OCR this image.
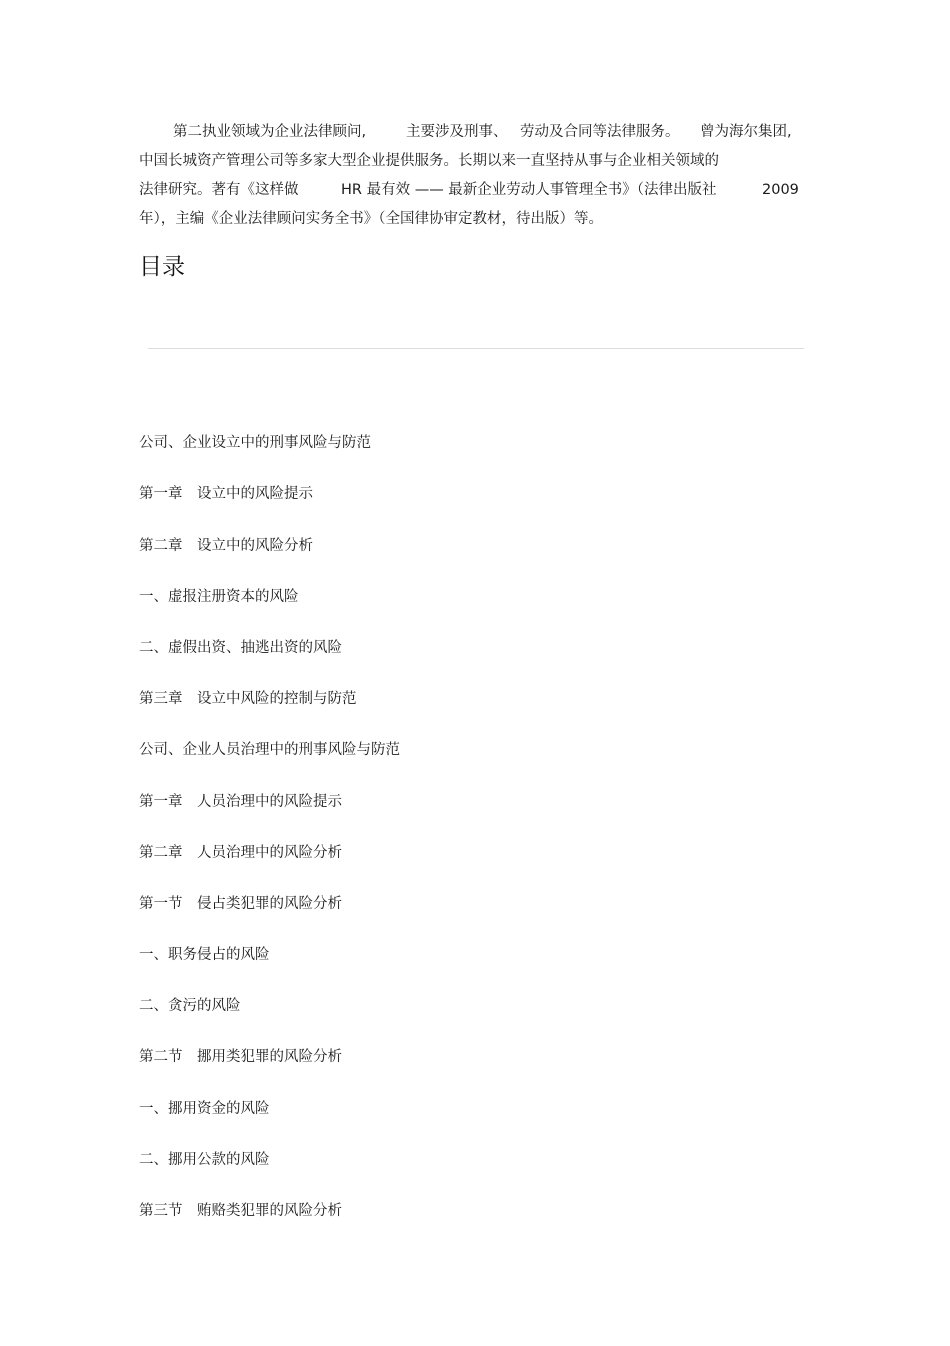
第二执业领域为企业法律顾问,	主要涉及刑事、 劳动及合同等法律服务。 曾为海尔集团,
中国长城资产管理公司等多家大型企业提供服务。长期以来一直坚持从事与企业相关领域的
法律研究。著有《这样做	HR 最有效 —— 最新企业劳动人事管理全书》（法律出版社	2009
年），主编《企业法律顾问实务全书》（全国律协审定教材，待出版）等。
目录
公司、企业设立中的刑事风险与防范
第一章　设立中的风险提示
第二章　设立中的风险分析
一、虚报注册资本的风险
二、虚假出资、抽逃出资的风险
第三章　设立中风险的控制与防范
公司、企业人员治理中的刑事风险与防范
第一章　人员治理中的风险提示
第二章　人员治理中的风险分析
第一节　侵占类犯罪的风险分析
一、职务侵占的风险
二、贪污的风险
第二节　挪用类犯罪的风险分析
一、挪用资金的风险
二、挪用公款的风险
第三节　贿赂类犯罪的风险分析
